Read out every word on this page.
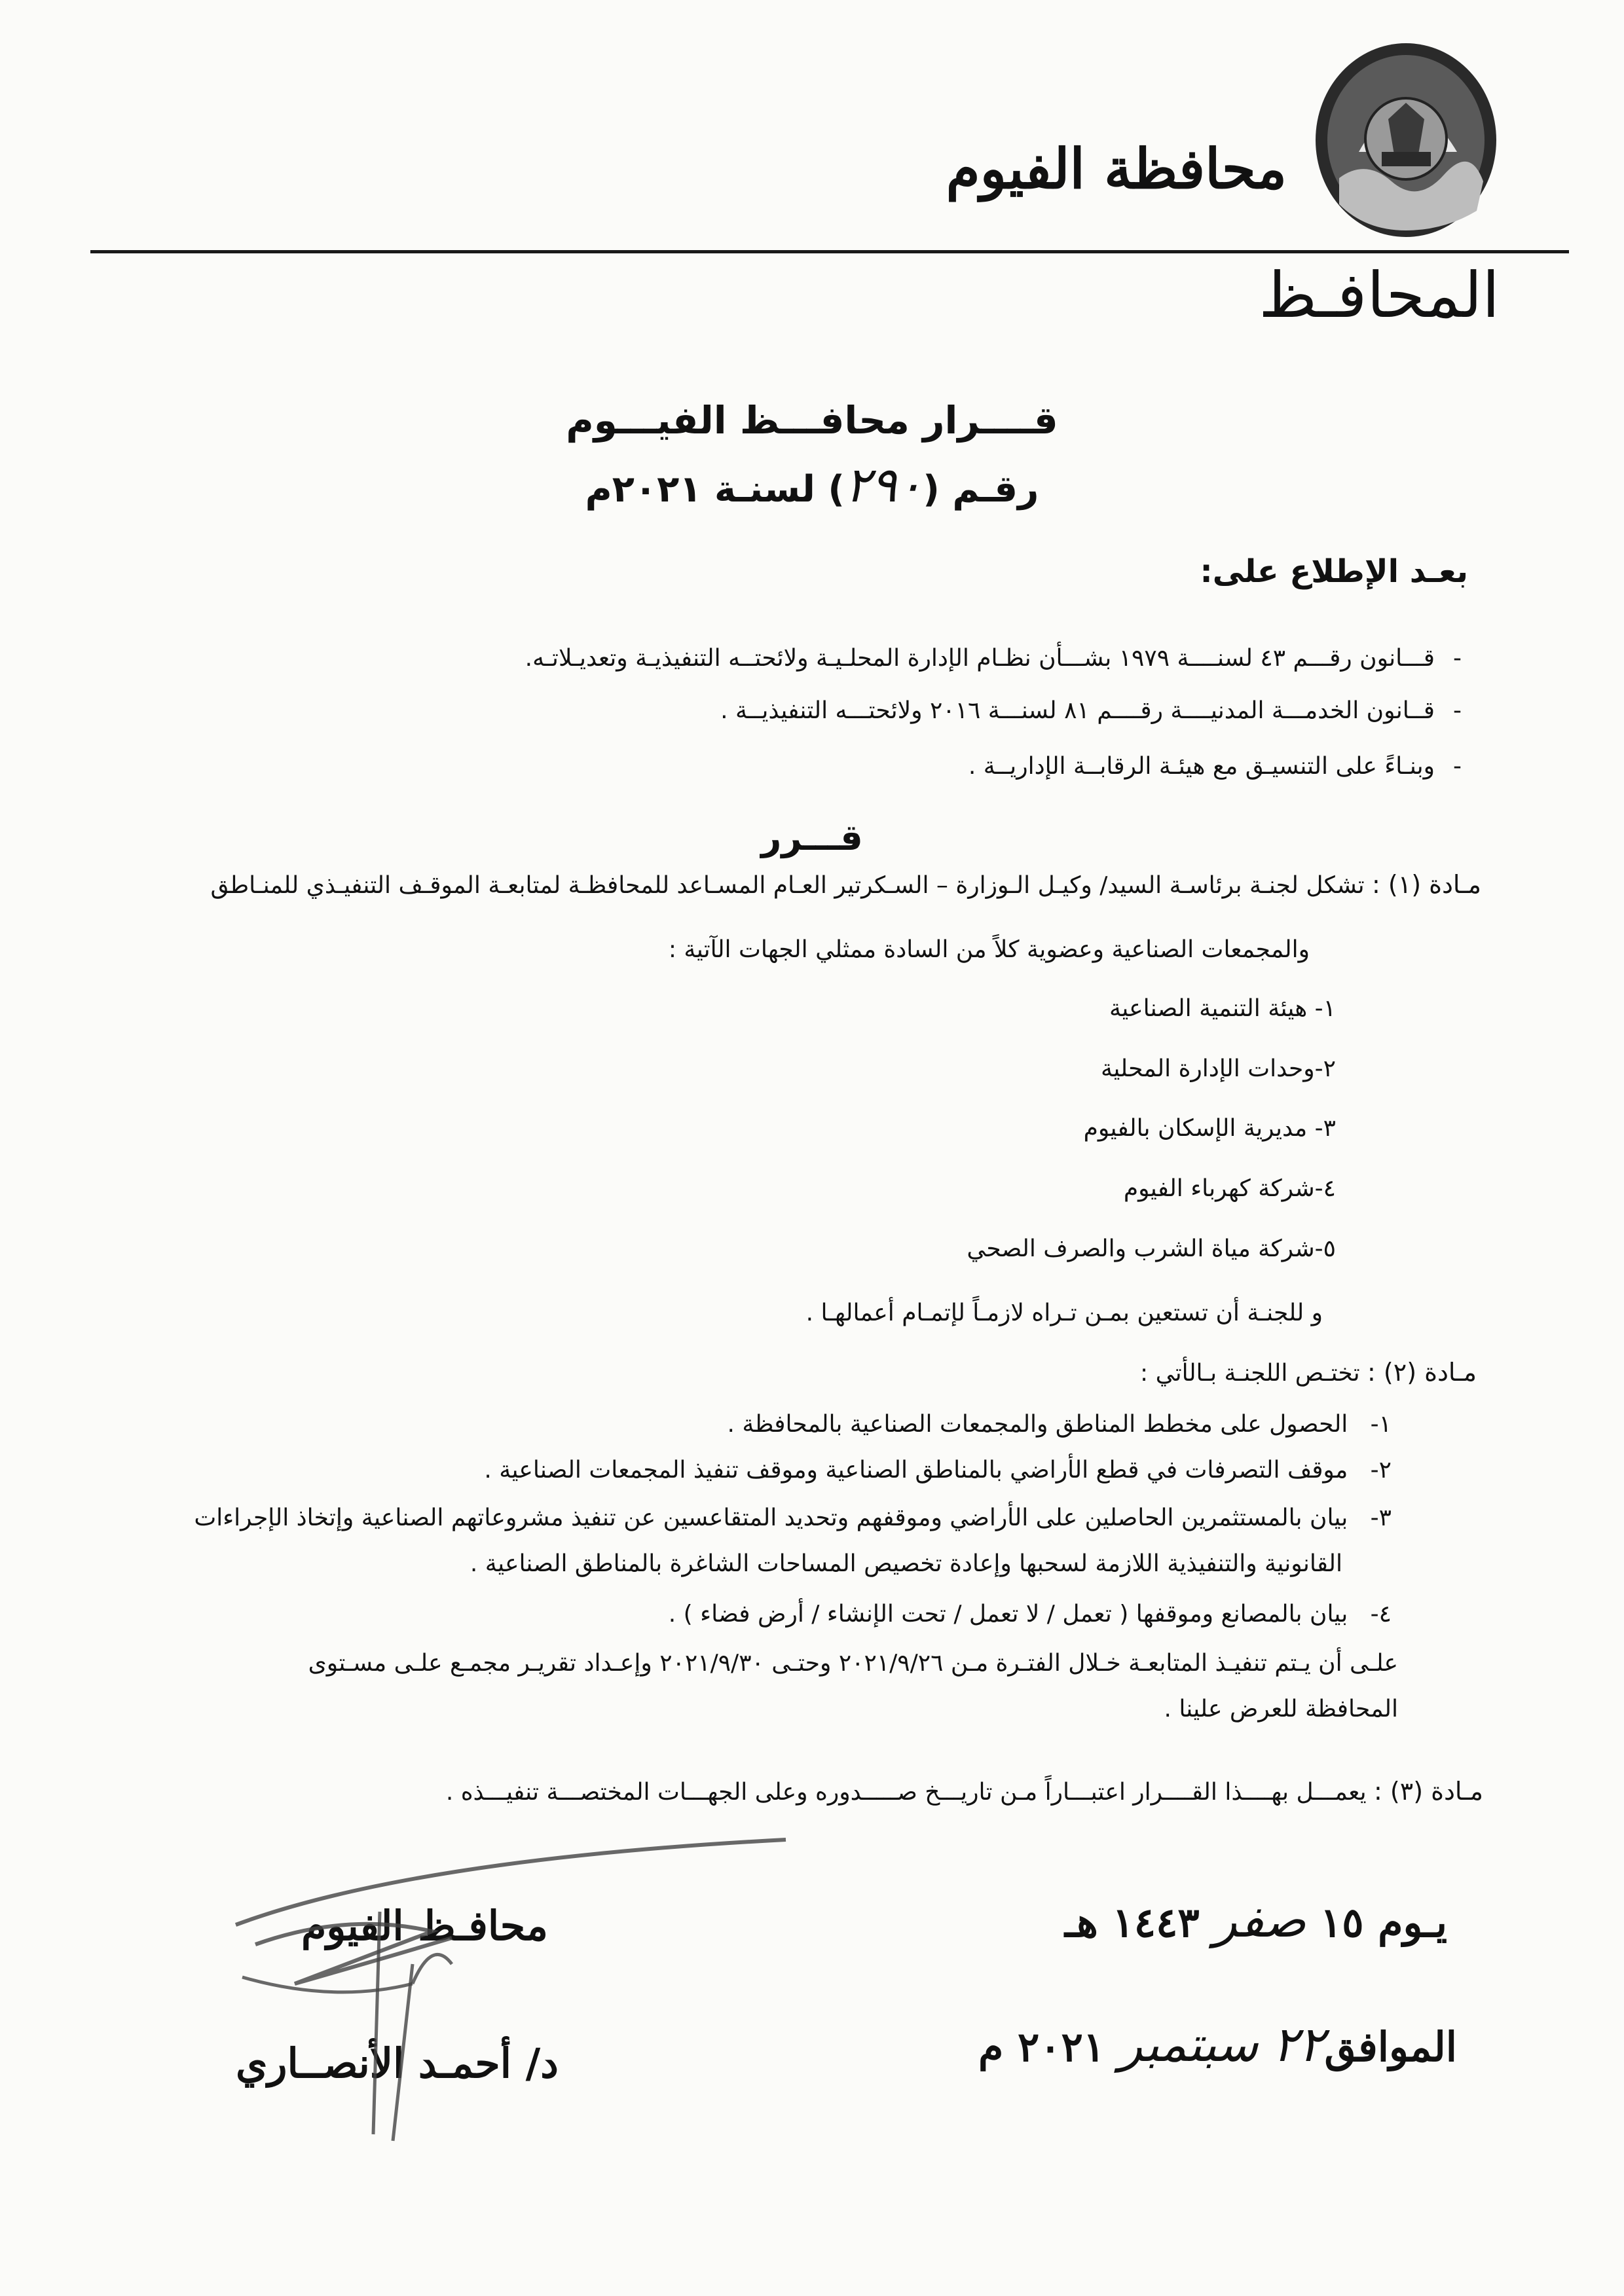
محافظة الفيوم
المحافـظ
قــــرار محافـــظ الفيـــوم
رقـم (٢٩٠) لسنـة ٢٠٢١م
بعـد الإطلاع على:
-قـــانون رقـــم ٤٣ لسنــــة ١٩٧٩ بشـــأن نظـام الإدارة المحلـيـة ولائحتــه التنفيذيـة وتعديـلاتـه.
-قــانون الخدمـــة المدنيــــة رقــــم ٨١ لسنـــة ٢٠١٦ ولائحتـــه التنفيذيــة .
-وبنـاءً على التنسيـق مع هيئـة الرقابــة الإداريــة .
قـــرر
مـادة (١) : تشكل لجنـة برئاسـة السيد/ وكيـل الـوزارة – السـكرتير العـام المسـاعد للمحافظـة لمتابعـة الموقـف التنفيـذي للمنـاطق
والمجمعات الصناعية وعضوية كلاً من السادة ممثلي الجهات الآتية :
١- هيئة التنمية الصناعية
٢-وحدات الإدارة المحلية
٣- مديرية الإسكان بالفيوم
٤-شركة كهرباء الفيوم
٥-شركة مياة الشرب والصرف الصحي
و للجنـة أن تستعين بمـن تـراه لازمـاً لإتمـام أعمالهـا .
مـادة (٢) : تختـص اللجنـة بـالأتي :
١-   الحصول على مخطط المناطق والمجمعات الصناعية بالمحافظة .
٢-   موقف التصرفات في قطع الأراضي بالمناطق الصناعية وموقف تنفيذ المجمعات الصناعية .
٣-   بيان بالمستثمرين الحاصلين على الأراضي وموقفهم وتحديد المتقاعسين عن تنفيذ مشروعاتهم الصناعية وإتخاذ الإجراءات
القانونية والتنفيذية اللازمة لسحبها وإعادة تخصيص المساحات الشاغرة بالمناطق الصناعية .
٤-   بيان بالمصانع وموقفها ( تعمل / لا تعمل / تحت الإنشاء / أرض فضاء ) .
علـى أن يـتم تنفيـذ المتابعـة خـلال الفتـرة مـن ٢٠٢١/٩/٢٦ وحتـى ٢٠٢١/٩/٣٠ وإعـداد تقريـر مجمـع علـى مسـتوى
المحافظة للعرض علينا .
مـادة (٣) : يعمـــل بهــــذا القــــرار اعتبـــاراً مـن تاريـــخ صـــــدوره وعلى الجهـــات المختصـــة تنفيـــذه .
محافـظ الفيوم
د/ أحمـد الأنصــاري
يـوم ١٥ صفر ١٤٤٣ هـ
الموافق٢٢ سبتمبر ٢٠٢١ م
